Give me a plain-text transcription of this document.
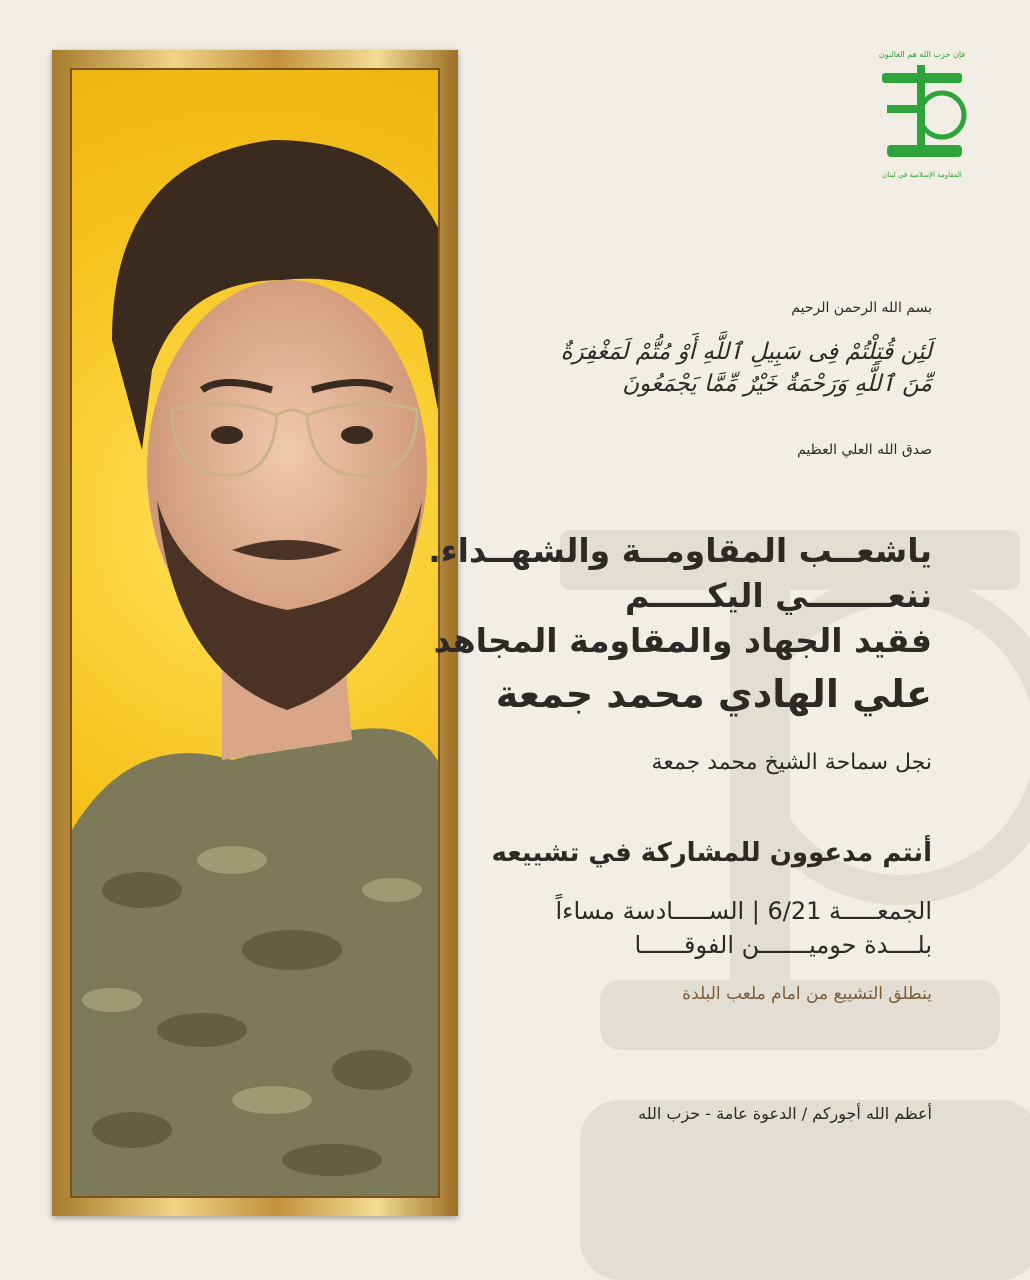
فإن حزب الله هم الغالبون
المقاومة الإسلامية في لبنان
بسم الله الرحمن الرحيم
لَئِن قُتِلْتُمْ فِى سَبِيلِ ٱللَّهِ أَوْ مُتُّمْ لَمَغْفِرَةٌ
مِّنَ ٱللَّهِ وَرَحْمَةٌ خَيْرٌ مِّمَّا يَجْمَعُونَ
صدق الله العلي العظيم
ياشعــب المقاومــة والشهــداء.
ننعـــــــي اليكـــــم
فقيد الجهاد والمقاومة المجاهد
علي الهادي محمد جمعة
نجل سماحة الشيخ محمد جمعة
أنتم مدعوون للمشاركة في تشييعه
الجمعـــــة 6/21 | الســـــادسة مساءاً
بلــــدة حوميـــــــن الفوقــــــا
ينطلق التشييع من امام ملعب البلدة
أعظم الله أجوركم / الدعوة عامة - حزب الله
